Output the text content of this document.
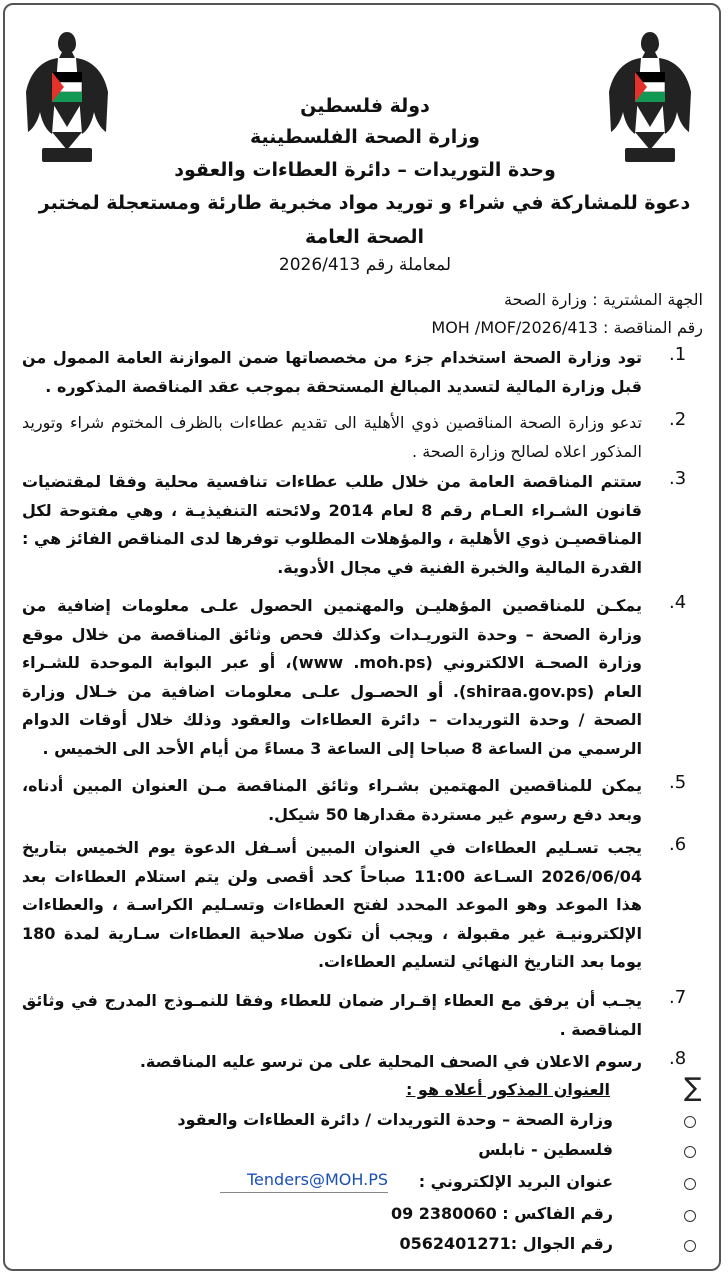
دولة فلسطين
وزارة الصحة الفلسطينية
وحدة التوريدات – دائرة العطاءات والعقود
دعوة للمشاركة في شراء و توريد مواد مخبرية طارئة ومستعجلة لمختبر الصحة العامة
لمعاملة رقم 2026/413
الجهة المشترية : وزارة الصحة
رقم المناقصة : MOH /MOF/2026/413
.1
تود وزارة الصحة استخدام جزء من مخصصاتها ضمن الموازنة العامة الممول من قبل وزارة المالية لتسديد المبالغ المستحقة بموجب عقد المناقصة المذكوره .
.2
تدعو وزارة الصحة المناقصين ذوي الأهلية الى تقديم عطاءات بالظرف المختوم شراء وتوريد المذكور اعلاه لصالح وزارة الصحة .
.3
ستتم المناقصة العامة من خلال طلب عطاءات تنافسية محلية وفقا لمقتضيات قانون الشـراء العـام رقم 8 لعام 2014 ولائحته التنفيذيـة ، وهي مفتوحة لكل المناقصيـن ذوي الأهلية ، والمؤهلات المطلوب توفرها لدى المناقص الفائز هي : القدرة المالية والخبرة الفنية في مجال الأدوية.
.4
يمكـن للمناقصين المؤهليـن والمهتمين الحصول علـى معلومات إضافية من وزارة الصحة – وحدة التوريـدات وكذلك فحص وثائق المناقصة من خلال موقع وزارة الصحـة الالكتروني (www .moh.ps)، أو عبر البوابة الموحدة للشـراء العام (shiraa.gov.ps). أو الحصـول علـى معلومات اضافية من خـلال وزارة الصحة / وحدة التوريدات – دائرة العطاءات والعقود وذلك خلال أوقات الدوام الرسمي من الساعة 8 صباحا إلى الساعة 3 مساءً من أيام الأحد الى الخميس .
.5
يمكن للمناقصين المهتمين بشـراء وثائق المناقصة مـن العنوان المبين أدناه، وبعد دفع رسوم غير مستردة مقدارها 50 شيكل.
.6
يجب تسـليم العطاءات في العنوان المبين أسـفل الدعوة يوم الخميس بتاريخ 2026/06/04 السـاعة 11:00 صباحاً كحد أقصى ولن يتم استلام العطاءات بعد هذا الموعد وهو الموعد المحدد لفتح العطاءات وتسـليم الكراسـة ، والعطاءات الإلكترونيـة غير مقبولة ، ويجب أن تكون صلاحية العطاءات سـارية لمدة 180 يوما بعد التاريخ النهائي لتسليم العطاءات.
.7
يجـب أن يرفق مع العطاء إقـرار ضمان للعطاء وفقا للنمـوذج المدرج في وثائق المناقصة .
.8
رسوم الاعلان في الصحف المحلية على من ترسو عليه المناقصة.
∑
العنوان المذكور أعلاه هو :
وزارة الصحة – وحدة التوريدات / دائرة العطاءات والعقود
فلسطين - نابلس
عنوان البريد الإلكتروني :
Tenders@MOH.PS
رقم الفاكس : 2380060 09
رقم الجوال :0562401271
